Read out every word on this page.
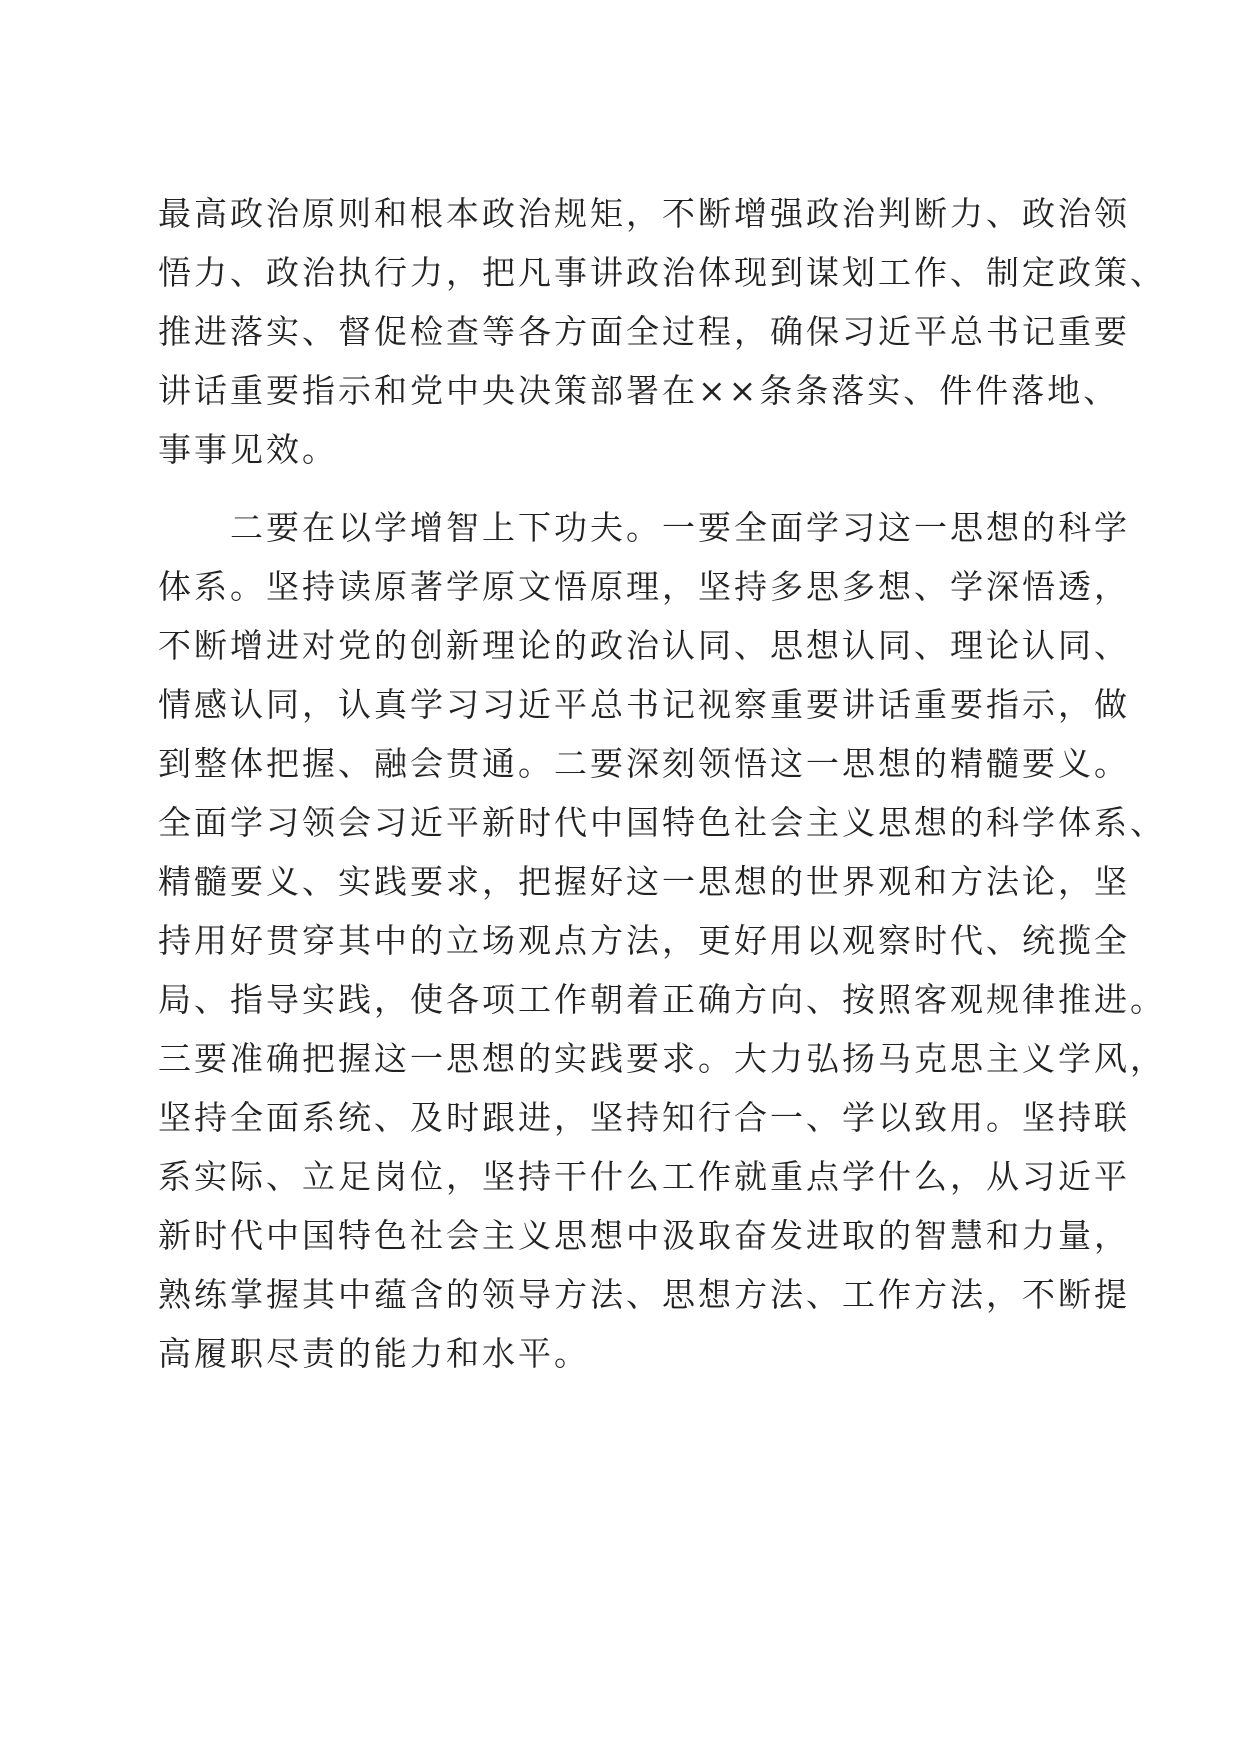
最高政治原则和根本政治规矩，不断增强政治判断力、政治领
悟力、政治执行力，把凡事讲政治体现到谋划工作、制定政策、
推进落实、督促检查等各方面全过程，确保习近平总书记重要
讲话重要指示和党中央决策部署在××条条落实、件件落地、
事事见效。
　　二要在以学增智上下功夫。一要全面学习这一思想的科学
体系。坚持读原著学原文悟原理，坚持多思多想、学深悟透，
不断增进对党的创新理论的政治认同、思想认同、理论认同、
情感认同，认真学习习近平总书记视察重要讲话重要指示，做
到整体把握、融会贯通。二要深刻领悟这一思想的精髓要义。
全面学习领会习近平新时代中国特色社会主义思想的科学体系、
精髓要义、实践要求，把握好这一思想的世界观和方法论，坚
持用好贯穿其中的立场观点方法，更好用以观察时代、统揽全
局、指导实践，使各项工作朝着正确方向、按照客观规律推进。
三要准确把握这一思想的实践要求。大力弘扬马克思主义学风，
坚持全面系统、及时跟进，坚持知行合一、学以致用。坚持联
系实际、立足岗位，坚持干什么工作就重点学什么，从习近平
新时代中国特色社会主义思想中汲取奋发进取的智慧和力量，
熟练掌握其中蕴含的领导方法、思想方法、工作方法，不断提
高履职尽责的能力和水平。
